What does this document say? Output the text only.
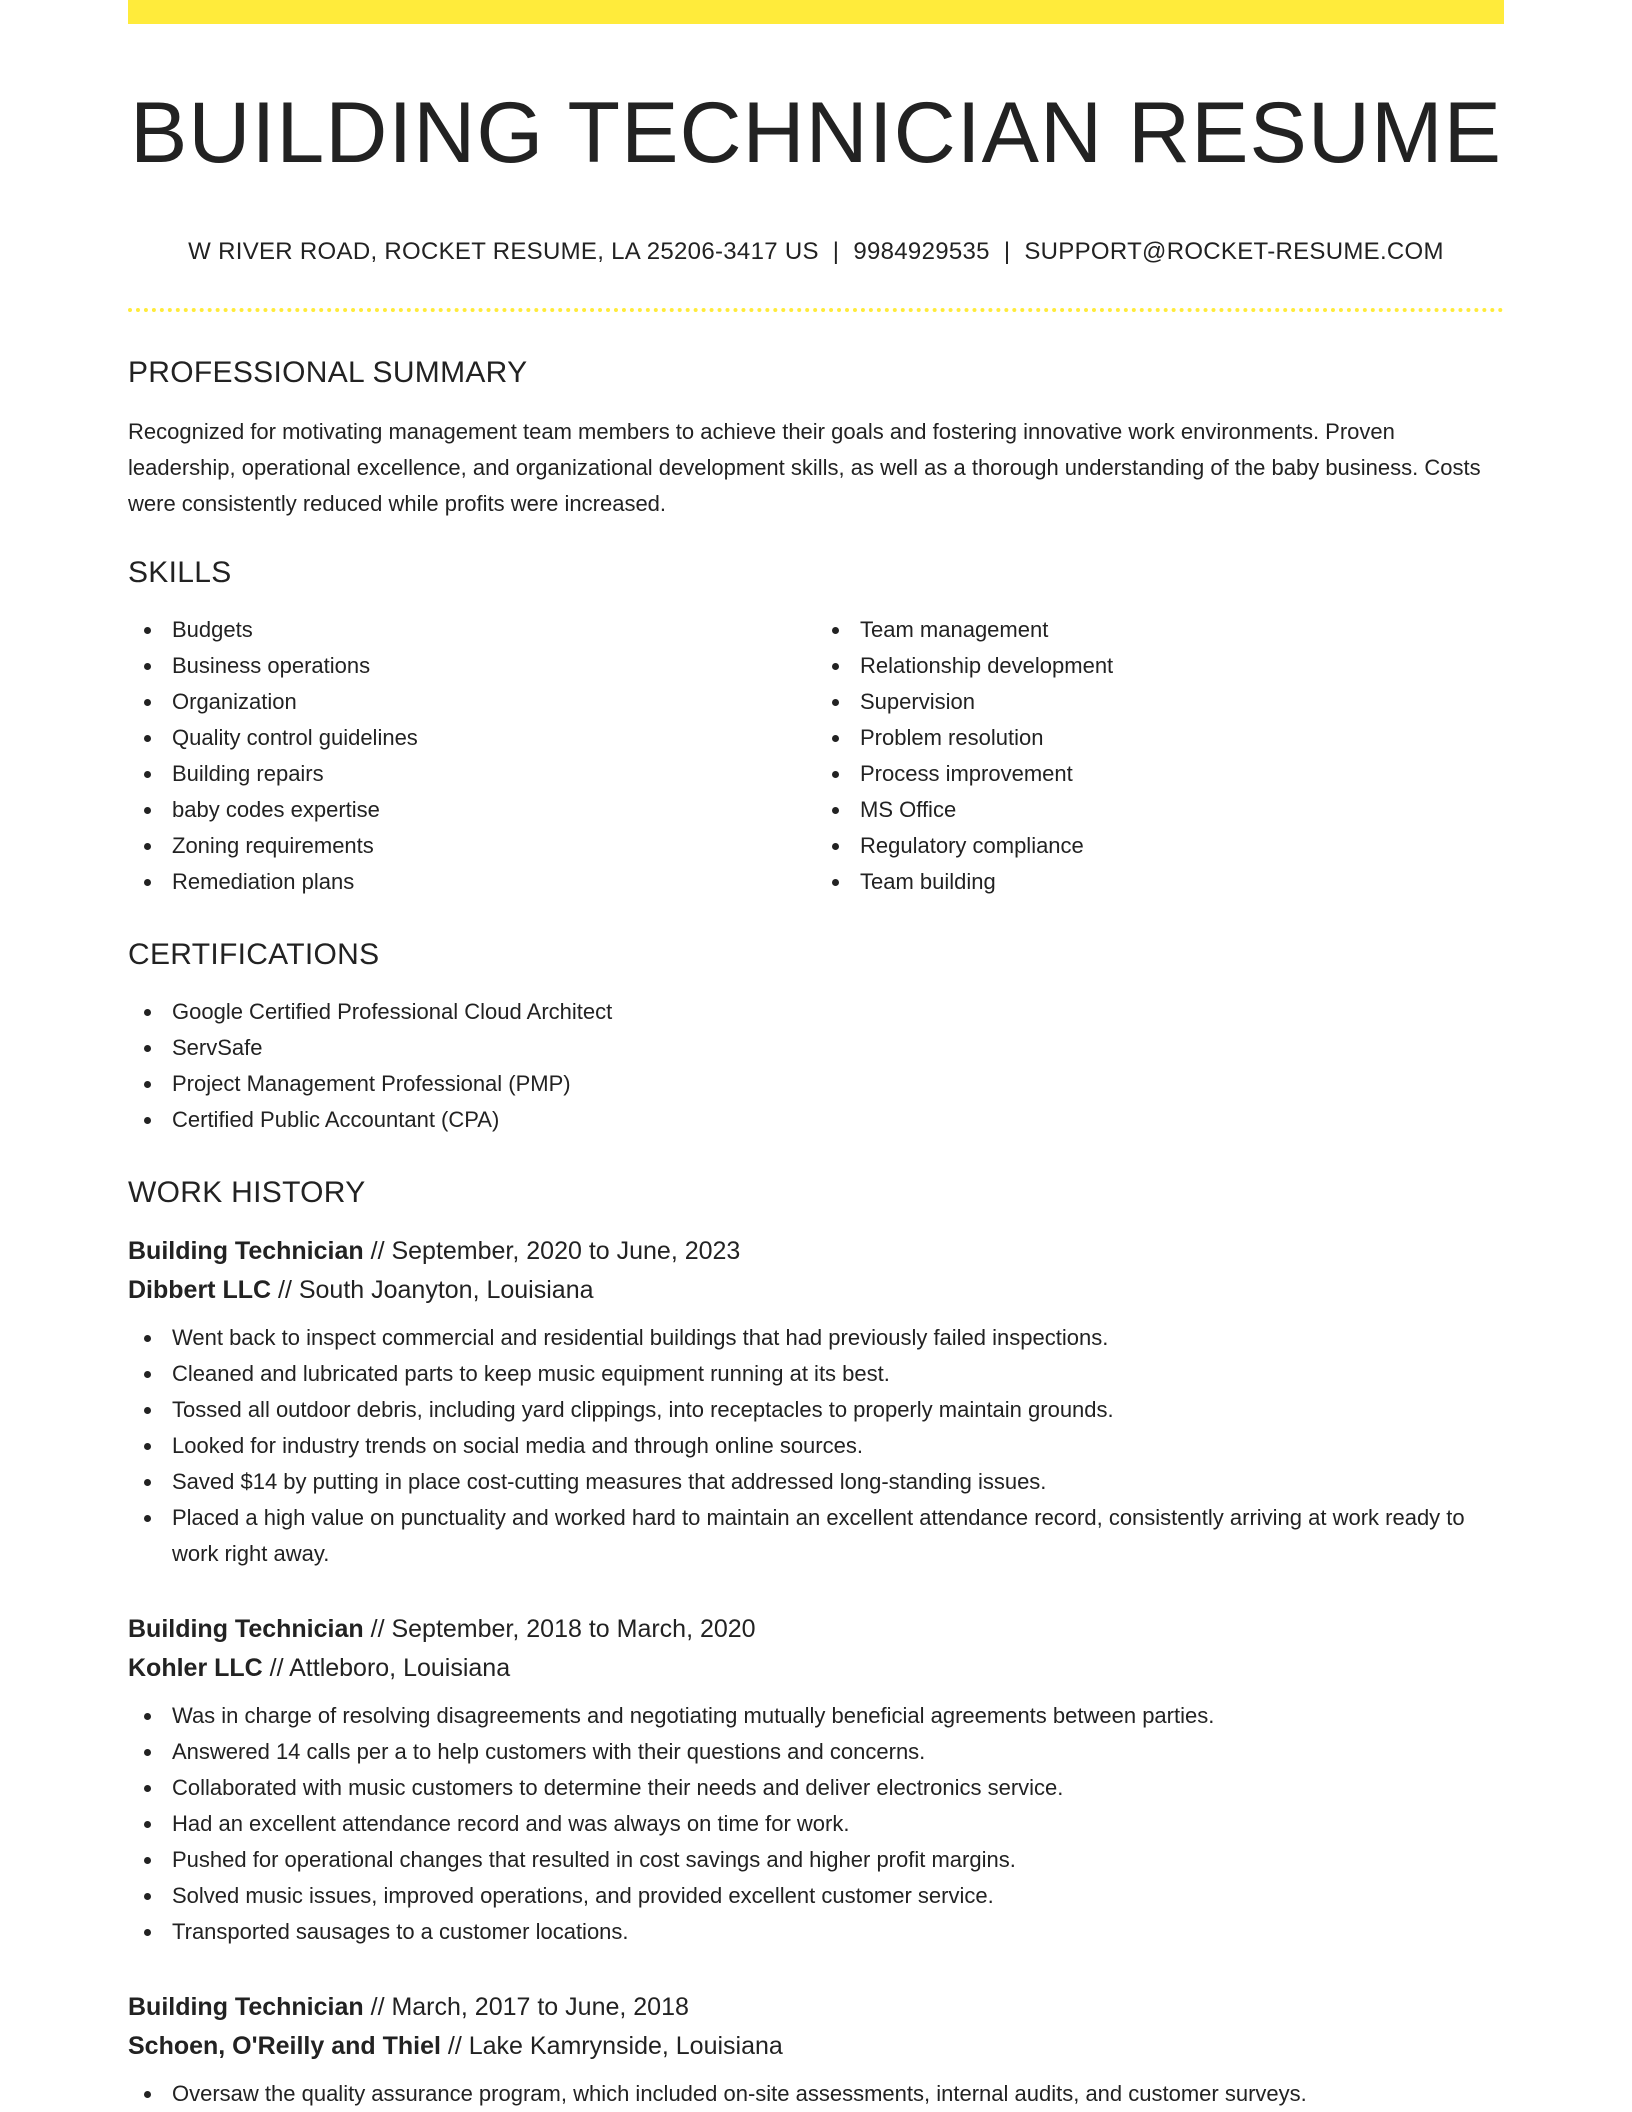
BUILDING TECHNICIAN RESUME
W RIVER ROAD, ROCKET RESUME, LA 25206-3417 US | 9984929535 | SUPPORT@ROCKET-RESUME.COM
PROFESSIONAL SUMMARY

Recognized for motivating management team members to achieve their goals and fostering innovative work environments. Proven leadership, operational excellence, and organizational development skills, as well as a thorough understanding of the baby business. Costs were consistently reduced while profits were increased.

SKILLS
Budgets
Business operations
Organization
Quality control guidelines
Building repairs
baby codes expertise
Zoning requirements
Remediation plans
Team management
Relationship development
Supervision
Problem resolution
Process improvement
MS Office
Regulatory compliance
Team building
CERTIFICATIONS
Google Certified Professional Cloud Architect
ServSafe
Project Management Professional (PMP)
Certified Public Accountant (CPA)
WORK HISTORY
Building Technician // September, 2020 to June, 2023
Dibbert LLC // South Joanyton, Louisiana
Went back to inspect commercial and residential buildings that had previously failed inspections.
Cleaned and lubricated parts to keep music equipment running at its best.
Tossed all outdoor debris, including yard clippings, into receptacles to properly maintain grounds.
Looked for industry trends on social media and through online sources.
Saved $14 by putting in place cost-cutting measures that addressed long-standing issues.
Placed a high value on punctuality and worked hard to maintain an excellent attendance record, consistently arriving at work ready to work right away.
Building Technician // September, 2018 to March, 2020
Kohler LLC // Attleboro, Louisiana
Was in charge of resolving disagreements and negotiating mutually beneficial agreements between parties.
Answered 14 calls per a to help customers with their questions and concerns.
Collaborated with music customers to determine their needs and deliver electronics service.
Had an excellent attendance record and was always on time for work.
Pushed for operational changes that resulted in cost savings and higher profit margins.
Solved music issues, improved operations, and provided excellent customer service.
Transported sausages to a customer locations.
Building Technician // March, 2017 to June, 2018
Schoen, O'Reilly and Thiel // Lake Kamrynside, Louisiana
Oversaw the quality assurance program, which included on-site assessments, internal audits, and customer surveys.
